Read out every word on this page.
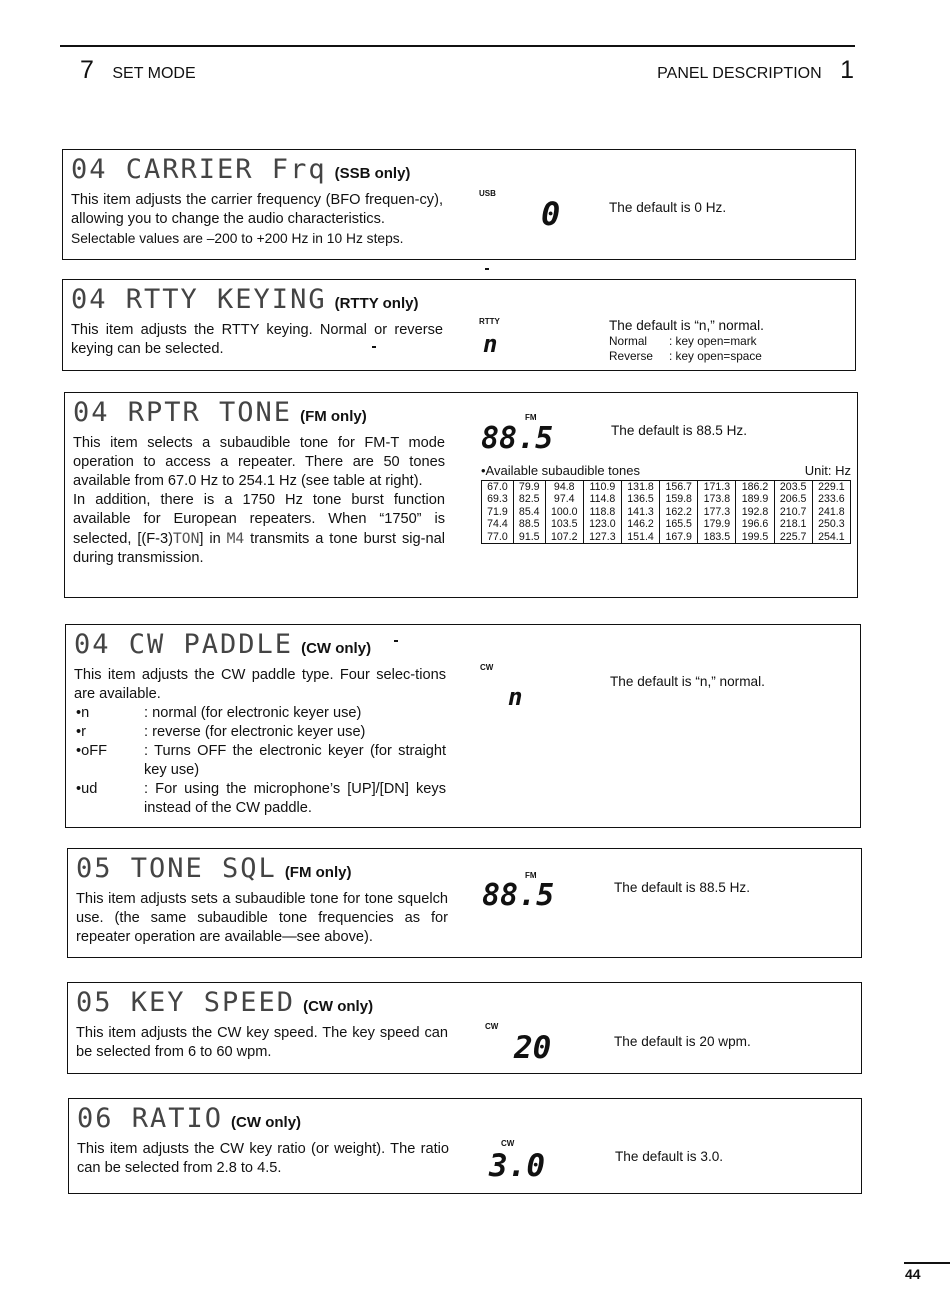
7 SET MODE	PANEL DESCRIPTION 1
04 CARRIER Frq (SSB only)

This item adjusts the carrier frequency (BFO frequen-cy), allowing you to change the audio characteristics.

Selectable values are –200 to +200 Hz in 10 Hz steps.

USB
0	The default is 0 Hz.
04 RTTY KEYING (RTTY only)

This item adjusts the RTTY keying. Normal or reverse keying can be selected.

RTTY
n
The default is “n,” normal.
Normal	: key open=mark
Reverse	: key open=space
04 RPTR TONE (FM only)

This item selects a subaudible tone for FM-T mode operation to access a repeater. There are 50 tones available from 67.0 Hz to 254.1 Hz (see table at right).

In addition, there is a 1750 Hz tone burst function available for European repeaters. When “1750” is selected, [(F-3)TON] in M4 transmits a tone burst sig-nal during transmission.

FM
88.5	The default is 88.5 Hz.
•Available subaudible tones	Unit: Hz
67.0	79.9	94.8	110.9	131.8	156.7	171.3	186.2	203.5	229.1
69.3	82.5	97.4	114.8	136.5	159.8	173.8	189.9	206.5	233.6
71.9	85.4	100.0	118.8	141.3	162.2	177.3	192.8	210.7	241.8
74.4	88.5	103.5	123.0	146.2	165.5	179.9	196.6	218.1	250.3
77.0	91.5	107.2	127.3	151.4	167.9	183.5	199.5	225.7	254.1
04 CW PADDLE (CW only)

This item adjusts the CW paddle type. Four selec-tions are available.

•n	: normal (for electronic keyer use)
•r	: reverse (for electronic keyer use)
•oFF	: Turns OFF the electronic keyer (for straight key use)
•ud	: For using the microphone’s [UP]/[DN] keys instead of the CW paddle.
CW
n
The default is “n,” normal.
05 TONE SQL (FM only)

This item adjusts sets a subaudible tone for tone squelch use. (the same subaudible tone frequencies as for repeater operation are available—see above).

FM
88.5	The default is 88.5 Hz.
05 KEY SPEED (CW only)

This item adjusts the CW key speed. The key speed can be selected from 6 to 60 wpm.

CW
20	The default is 20 wpm.
06 RATIO (CW only)

This item adjusts the CW key ratio (or weight). The ratio can be selected from 2.8 to 4.5.

CW
3.0	The default is 3.0.
44
